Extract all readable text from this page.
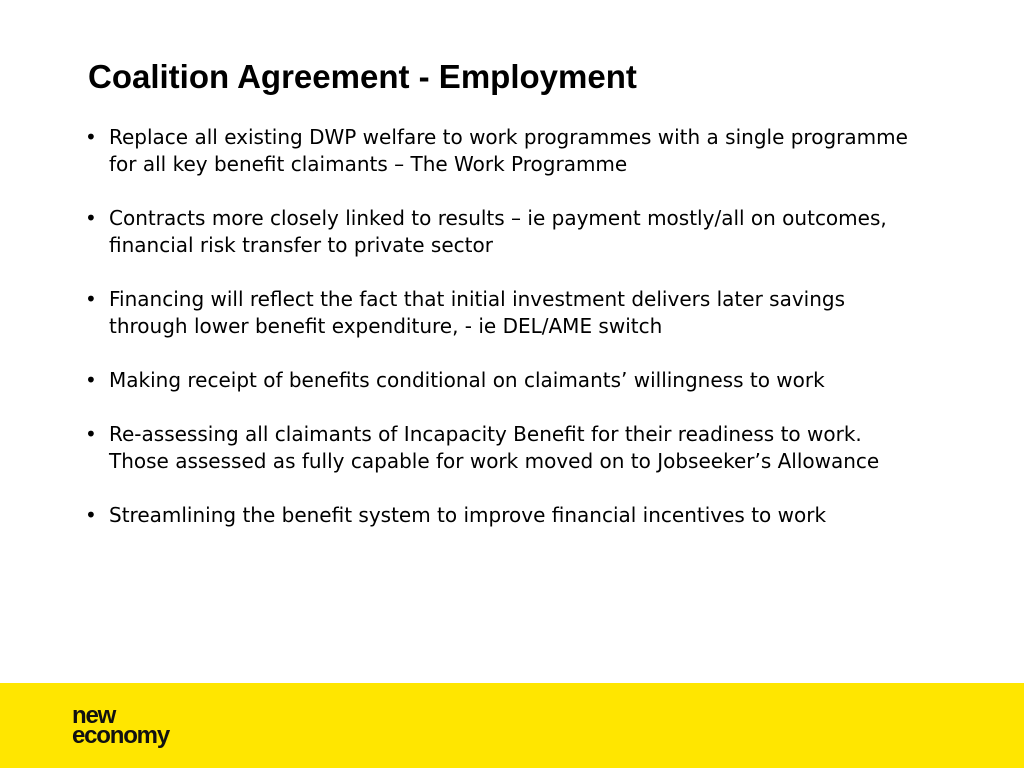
Coalition Agreement - Employment
• Replace all existing DWP welfare to work programmes with a single programme for all key benefit claimants – The Work Programme
• Contracts more closely linked to results – ie payment mostly/all on outcomes, financial risk transfer to private sector
• Financing will reflect the fact that initial investment delivers later savings through lower benefit expenditure, - ie DEL/AME switch
• Making receipt of benefits conditional on claimants’ willingness to work
• Re-assessing all claimants of Incapacity Benefit for their readiness to work. Those assessed as fully capable for work moved on to Jobseeker’s Allowance
• Streamlining the benefit system to improve financial incentives to work
new
economy
